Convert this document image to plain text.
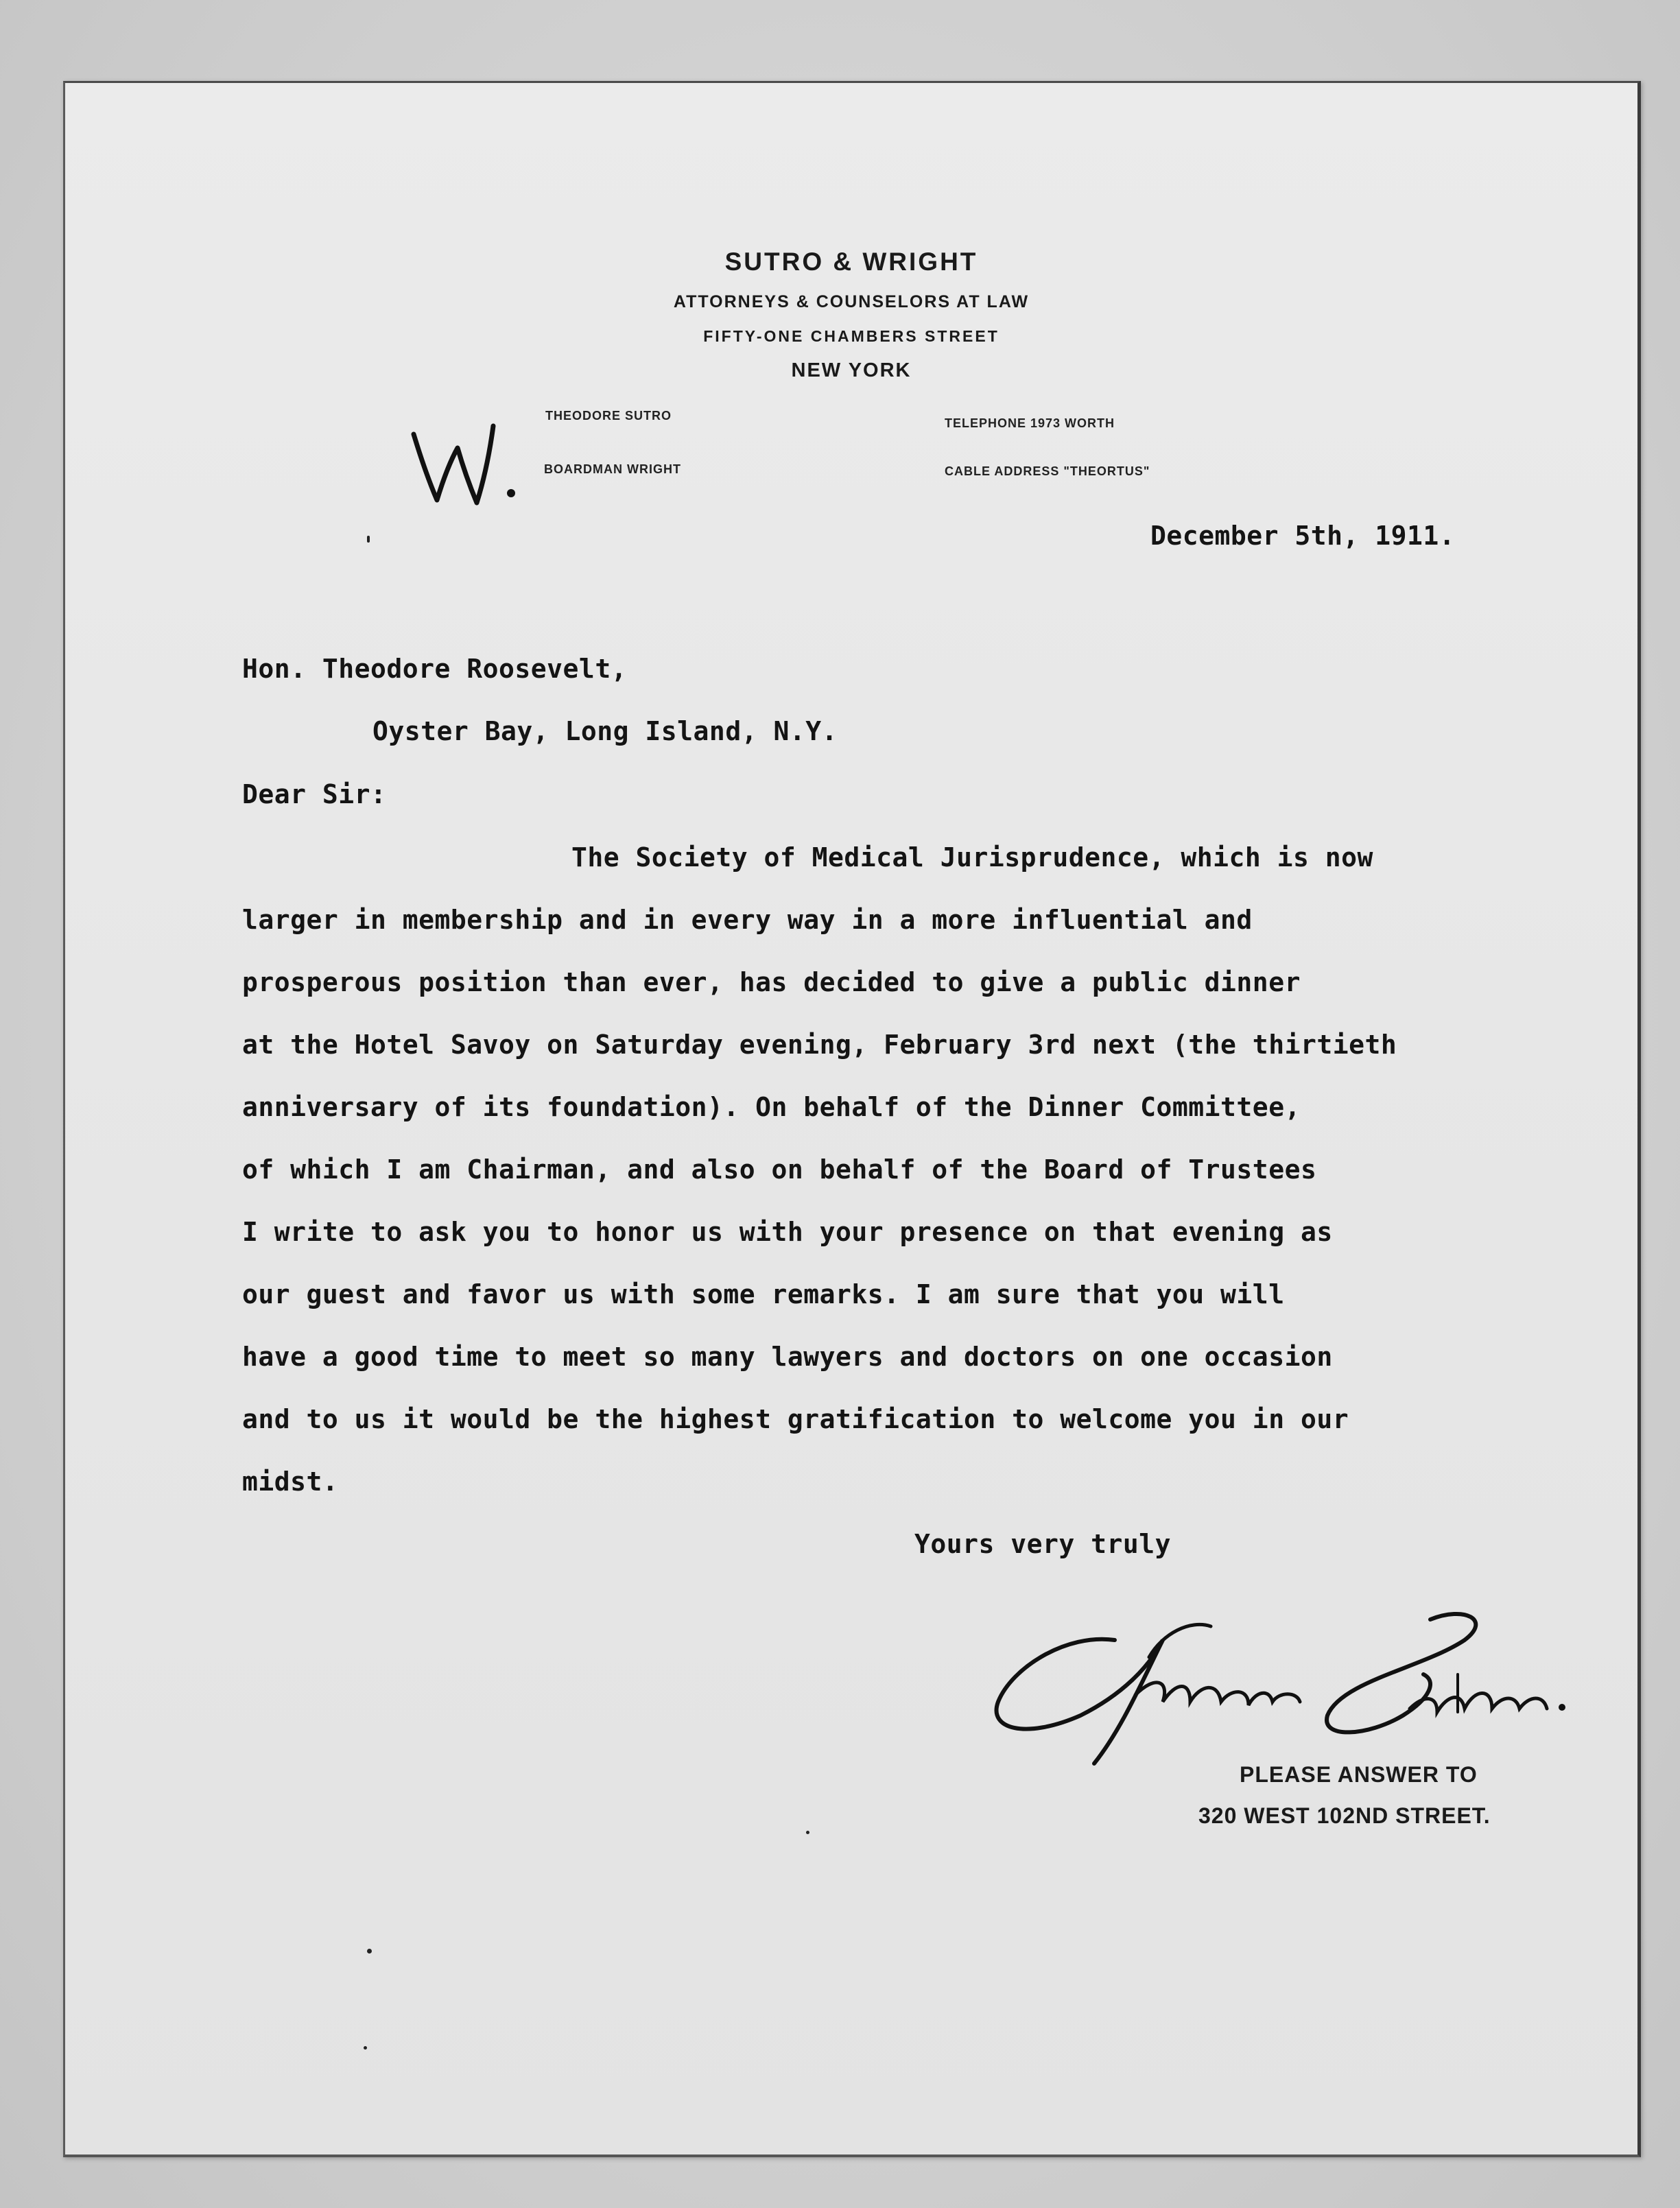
SUTRO & WRIGHT
ATTORNEYS & COUNSELORS AT LAW
FIFTY-ONE CHAMBERS STREET
NEW YORK
THEODORE SUTRO
BOARDMAN WRIGHT
TELEPHONE 1973 WORTH
CABLE ADDRESS "THEORTUS"

December 5th, 1911.

Hon. Theodore Roosevelt,

Oyster Bay, Long Island, N.Y.

Dear Sir:

The Society of Medical Jurisprudence, which is now

larger in membership and in every way in a more influential and

prosperous position than ever, has decided to give a public dinner

at the Hotel Savoy on Saturday evening, February 3rd next (the thirtieth

anniversary of its foundation). On behalf of the Dinner Committee,

of which I am Chairman, and also on behalf of the Board of Trustees

I write to ask you to honor us with your presence on that evening as

our guest and favor us with some remarks. I am sure that you will

have a good time to meet so many lawyers and doctors on one occasion

and to us it would be the highest gratification to welcome you in our

midst.

Yours very truly

PLEASE ANSWER TO

320 WEST 102ND STREET.
